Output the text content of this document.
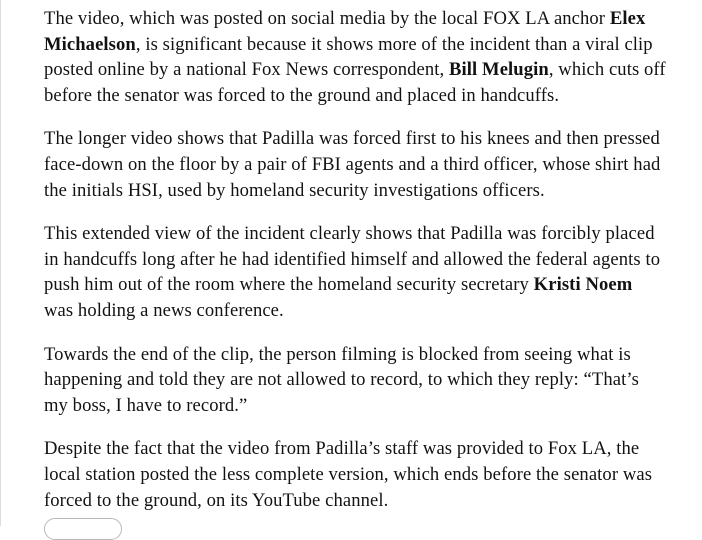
The video, which was posted on social media by the local FOX LA anchor Elex Michaelson, is significant because it shows more of the incident than a viral clip posted online by a national Fox News correspondent, Bill Melugin, which cuts off before the senator was forced to the ground and placed in handcuffs.

The longer video shows that Padilla was forced first to his knees and then pressed face-down on the floor by a pair of FBI agents and a third officer, whose shirt had the initials HSI, used by homeland security investigations officers.

This extended view of the incident clearly shows that Padilla was forcibly placed in handcuffs long after he had identified himself and allowed the federal agents to push him out of the room where the homeland security secretary Kristi Noem was holding a news conference.

Towards the end of the clip, the person filming is blocked from seeing what is happening and told they are not allowed to record, to which they reply: “That’s my boss, I have to record.”

Despite the fact that the video from Padilla’s staff was provided to Fox LA, the local station posted the less complete version, which ends before the senator was forced to the ground, on its YouTube channel.
